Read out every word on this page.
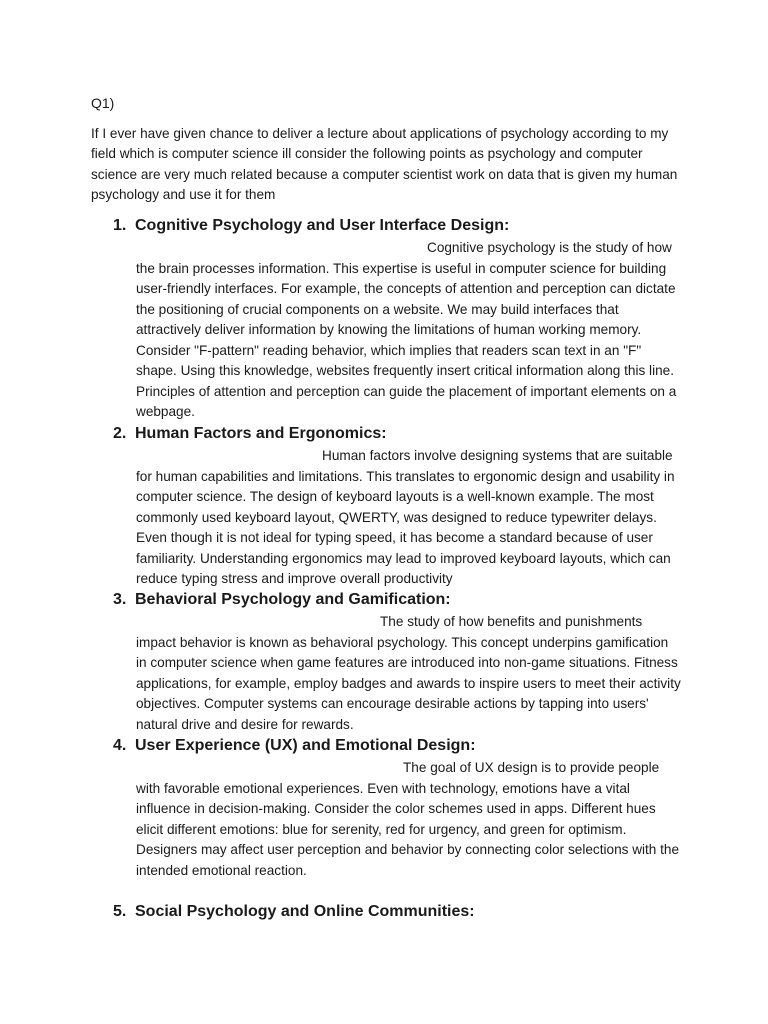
Q1)

If I ever have given chance to deliver a lecture about applications of psychology according to my field which is computer science ill consider the following points as psychology and computer science are very much related because a computer scientist work on data that is given my human psychology and use it for them

1. Cognitive Psychology and User Interface Design:

Cognitive psychology is the study of how the brain processes information. This expertise is useful in computer science for building user-friendly interfaces. For example, the concepts of attention and perception can dictate the positioning of crucial components on a website. We may build interfaces that attractively deliver information by knowing the limitations of human working memory. Consider "F-pattern" reading behavior, which implies that readers scan text in an "F" shape. Using this knowledge, websites frequently insert critical information along this line. Principles of attention and perception can guide the placement of important elements on a webpage.

2. Human Factors and Ergonomics:

Human factors involve designing systems that are suitable for human capabilities and limitations. This translates to ergonomic design and usability in computer science. The design of keyboard layouts is a well-known example. The most commonly used keyboard layout, QWERTY, was designed to reduce typewriter delays. Even though it is not ideal for typing speed, it has become a standard because of user familiarity. Understanding ergonomics may lead to improved keyboard layouts, which can reduce typing stress and improve overall productivity

3. Behavioral Psychology and Gamification:

The study of how benefits and punishments impact behavior is known as behavioral psychology. This concept underpins gamification in computer science when game features are introduced into non-game situations. Fitness applications, for example, employ badges and awards to inspire users to meet their activity objectives. Computer systems can encourage desirable actions by tapping into users' natural drive and desire for rewards.

4. User Experience (UX) and Emotional Design:

The goal of UX design is to provide people with favorable emotional experiences. Even with technology, emotions have a vital influence in decision-making. Consider the color schemes used in apps. Different hues elicit different emotions: blue for serenity, red for urgency, and green for optimism. Designers may affect user perception and behavior by connecting color selections with the intended emotional reaction.

5. Social Psychology and Online Communities:
